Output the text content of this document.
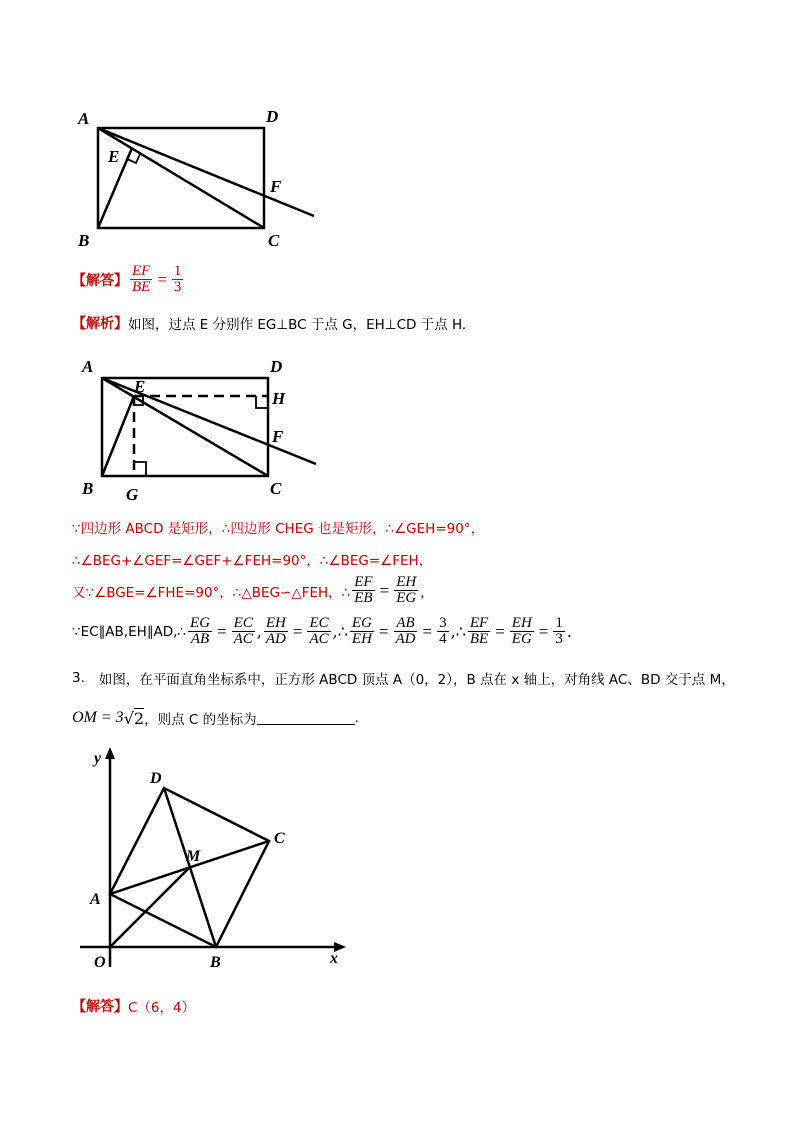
A	D
E
F
B	C
【解答】 $\frac{EF}{BE} = \frac{1}{3}$
【解析】 如图，过点 E 分别作 EG⊥BC 于点 G，EH⊥CD 于点 H.
A	D
E
H
F
B G	C
∵四边形 ABCD 是矩形，∴四边形 CHEG 也是矩形，∴∠GEH=90°，
∴∠BEG+∠GEF=∠GEF+∠FEH=90°，∴∠BEG=∠FEH，
又∵∠BGE=∠FHE=90°，∴△BEG∽△FEH，∴ $\frac{EF}{EB} = \frac{EH}{EG}$ ，
∵EC∥AB,EH∥AD,∴ $\frac{EG}{AB} = \frac{EC}{AC}$ , $\frac{EH}{AD} = \frac{EC}{AC}$ ,∴ $\frac{EG}{EH} = \frac{AB}{AD} = \frac{3}{4}$ ,∴ $\frac{EF}{BE} = \frac{EH}{EG} = \frac{1}{3}$ .
3. 如图，在平面直角坐标系中，正方形 ABCD 顶点 A（0，2），B 点在 x 轴上，对角线 AC、BD 交于点 M，
OM = 3 √ 2 ，则点 C 的坐标为	.
y
D
C
M
A
O	B	x
【解答】 C（6，4）
